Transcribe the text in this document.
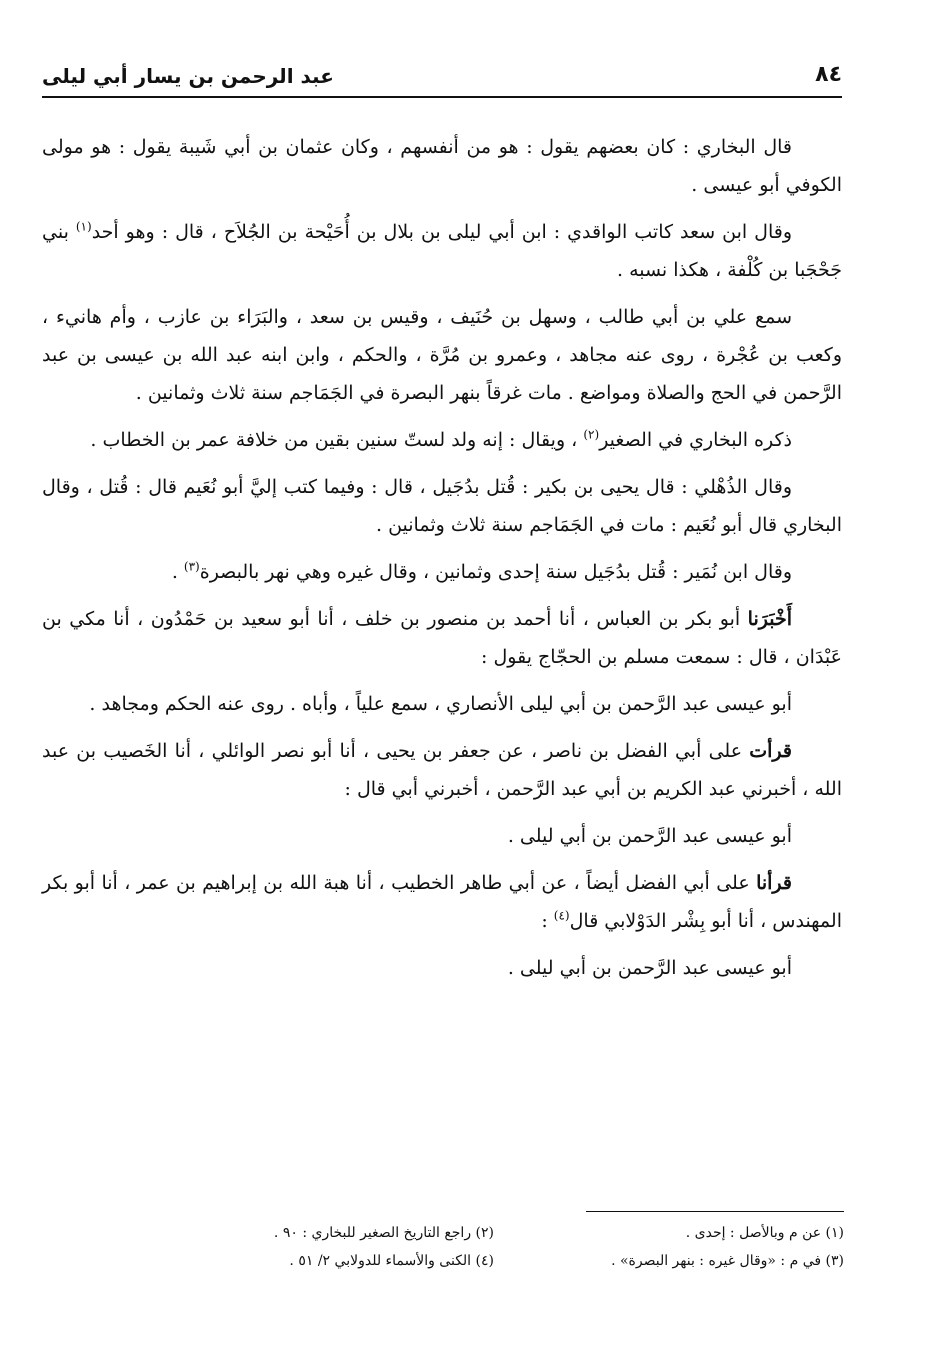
عبد الرحمن بن يسار أبي ليلى	٨٤

قال البخاري : كان بعضهم يقول : هو من أنفسهم ، وكان عثمان بن أبي شَيبة يقول : هو مولى الكوفي أبو عيسى .

وقال ابن سعد كاتب الواقدي : ابن أبي ليلى بن بلال بن أُحَيْحة بن الجُلاَح ، قال : وهو أحد$^{(١)}$ بني جَحْجَبا بن كُلْفة ، هكذا نسبه .

سمع علي بن أبي طالب ، وسهل بن حُنَيف ، وقيس بن سعد ، والبَرَاء بن عازب ، وأم هانيء ، وكعب بن عُجْرة ، روى عنه مجاهد ، وعمرو بن مُرَّة ، والحكم ، وابن ابنه عبد الله بن عيسى بن عبد الرَّحمن في الحج والصلاة ومواضع . مات غرقاً بنهر البصرة في الجَمَاجم سنة ثلاث وثمانين .

ذكره البخاري في الصغير$^{(٢)}$ ، ويقال : إنه ولد لستّ سنين بقين من خلافة عمر بن الخطاب .

وقال الذُهْلي : قال يحيى بن بكير : قُتل بدُجَيل ، قال : وفيما كتب إليَّ أبو نُعَيم قال : قُتل ، وقال البخاري قال أبو نُعَيم : مات في الجَمَاجم سنة ثلاث وثمانين .

وقال ابن نُمَير : قُتل بدُجَيل سنة إحدى وثمانين ، وقال غيره وهي نهر بالبصرة$^{(٣)}$ .

أَخْبَرَنا أبو بكر بن العباس ، أنا أحمد بن منصور بن خلف ، أنا أبو سعيد بن حَمْدُون ، أنا مكي بن عَبْدَان ، قال : سمعت مسلم بن الحجّاج يقول :

أبو عيسى عبد الرَّحمن بن أبي ليلى الأنصاري ، سمع علياً ، وأباه . روى عنه الحكم ومجاهد .

قرأت على أبي الفضل بن ناصر ، عن جعفر بن يحيى ، أنا أبو نصر الوائلي ، أنا الخَصيب بن عبد الله ، أخبرني عبد الكريم بن أبي عبد الرَّحمن ، أخبرني أبي قال :

أبو عيسى عبد الرَّحمن بن أبي ليلى .

قرأنا على أبي الفضل أيضاً ، عن أبي طاهر الخطيب ، أنا هبة الله بن إبراهيم بن عمر ، أنا أبو بكر المهندس ، أنا أبو بِشْر الدَوْلابي قال$^{(٤)}$ :

أبو عيسى عبد الرَّحمن بن أبي ليلى .

(١) عن م وبالأصل : إحدى .
(٢) راجع التاريخ الصغير للبخاري : ٩٠ .
(٣) في م : «وقال غيره : بنهر البصرة» .
(٤) الكنى والأسماء للدولابي ٢/ ٥١ .
